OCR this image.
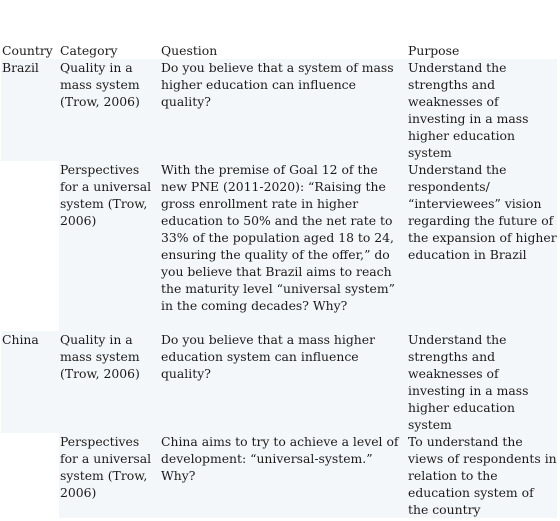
Country	Category	Question	Purpose
Brazil	Quality in a mass system (Trow, 2006)	Do you believe that a system of mass higher education can influence quality?	Understand the strengths and weaknesses of investing in a mass higher education system
	Perspectives for a universal system (Trow, 2006)	With the premise of Goal 12 of the new PNE (2011-2020): “Raising the gross enrollment rate in higher education to 50% and the net rate to 33% of the population aged 18 to 24, ensuring the quality of the offer,” do you believe that Brazil aims to reach the maturity level “universal system” in the coming decades? Why?	Understand the respondents/ “interviewees” vision regarding the future of the expansion of higher education in Brazil
China	Quality in a mass system (Trow, 2006)	Do you believe that a mass higher education system can influence quality?	Understand the strengths and weaknesses of investing in a mass higher education system
	Perspectives for a universal system (Trow, 2006)	China aims to try to achieve a level of development: “universal-system.” Why?	To understand the views of respondents in relation to the education system of the country
